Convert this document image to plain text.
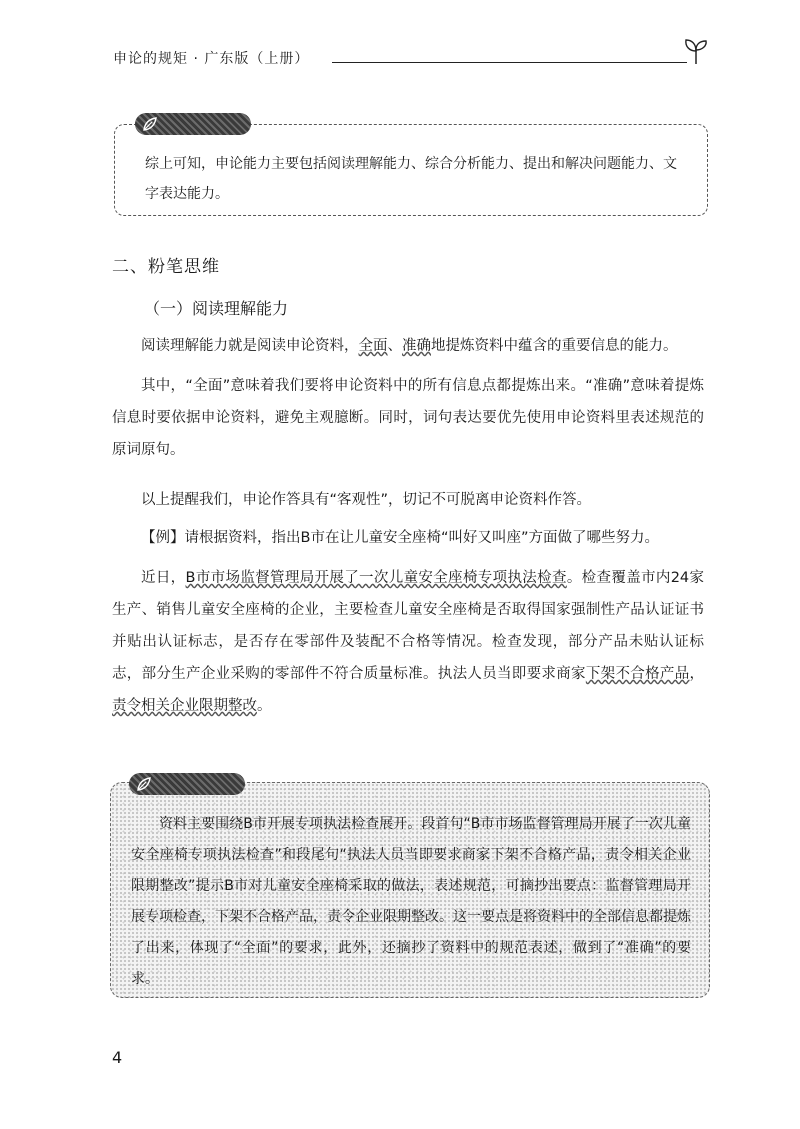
申论的规矩 · 广东版（上册）
综上可知，申论能力主要包括阅读理解能力、综合分析能力、提出和解决问题能力、文字表达能力。
二、粉笔思维
（一）阅读理解能力
阅读理解能力就是阅读申论资料，全面、准确地提炼资料中蕴含的重要信息的能力。
其中，“全面”意味着我们要将申论资料中的所有信息点都提炼出来。“准确”意味着提炼信息时要依据申论资料，避免主观臆断。同时，词句表达要优先使用申论资料里表述规范的原词原句。
以上提醒我们，申论作答具有“客观性”，切记不可脱离申论资料作答。
【例】请根据资料，指出B市在让儿童安全座椅“叫好又叫座”方面做了哪些努力。
近日，B市市场监督管理局开展了一次儿童安全座椅专项执法检查。检查覆盖市内24家生产、销售儿童安全座椅的企业，主要检查儿童安全座椅是否取得国家强制性产品认证证书并贴出认证标志，是否存在零部件及装配不合格等情况。检查发现，部分产品未贴认证标志，部分生产企业采购的零部件不符合质量标准。执法人员当即要求商家下架不合格产品，责令相关企业限期整改。
资料主要围绕B市开展专项执法检查展开。段首句“B市市场监督管理局开展了一次儿童安全座椅专项执法检查”和段尾句“执法人员当即要求商家下架不合格产品，责令相关企业限期整改”提示B市对儿童安全座椅采取的做法，表述规范，可摘抄出要点：监督管理局开展专项检查，下架不合格产品，责令企业限期整改。这一要点是将资料中的全部信息都提炼了出来，体现了“全面”的要求，此外，还摘抄了资料中的规范表述，做到了“准确”的要求。
4
